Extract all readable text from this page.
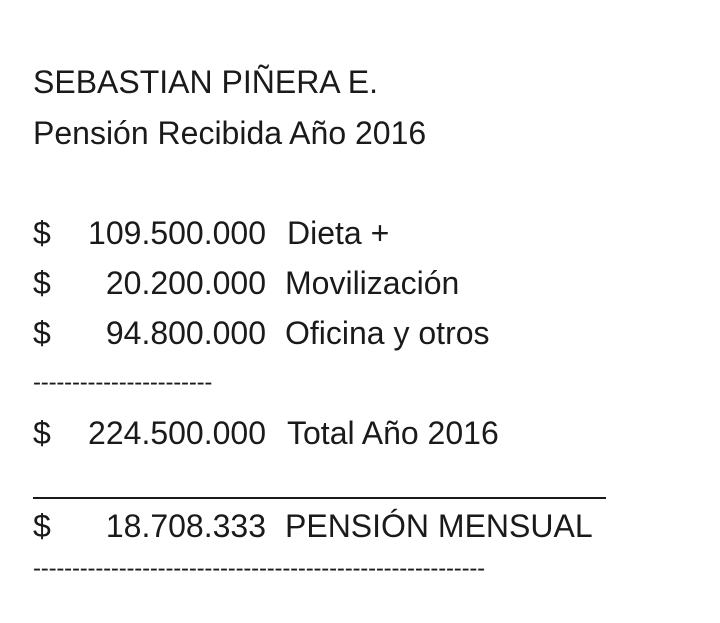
SEBASTIAN PIÑERA E.
Pensión Recibida Año 2016
$ 109.500.000 Dieta +
$ 20.200.000 Movilización
$ 94.800.000 Oficina y otros
-----------------------
$ 224.500.000 Total Año 2016
$ 18.708.333 PENSIÓN MENSUAL
----------------------------------------------------------
